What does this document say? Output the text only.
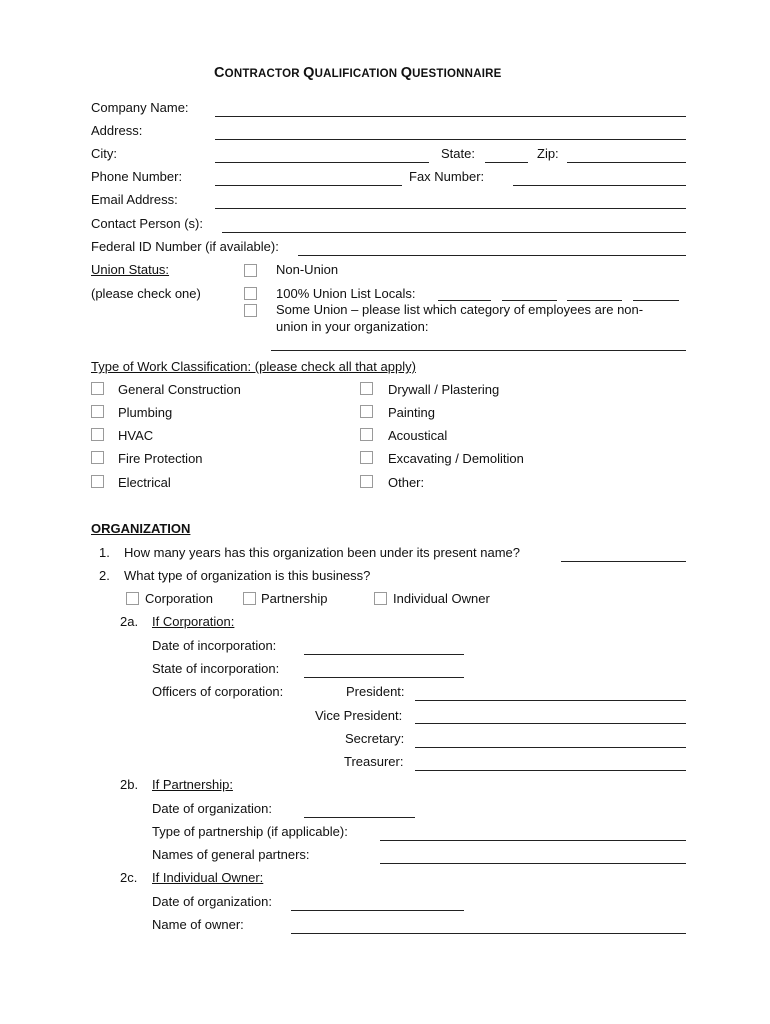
CONTRACTOR QUALIFICATION QUESTIONNAIRE
Company Name:
Address:
City:	State:	Zip:
Phone Number:	Fax Number:
Email Address:
Contact Person (s):
Federal ID Number (if available):
Union Status:	Non-Union
(please check one)	100% Union List Locals:
Some Union – please list which category of employees are non-
union in your organization:
Type of Work Classification: (please check all that apply)
General Construction	Drywall / Plastering
Plumbing	Painting
HVAC	Acoustical
Fire Protection	Excavating / Demolition
Electrical	Other:
ORGANIZATION
1. How many years has this organization been under its present name?
2. What type of organization is this business?
Corporation	Partnership	Individual Owner
2a. If Corporation:
Date of incorporation:
State of incorporation:
Officers of corporation:	President:
Vice President:
Secretary:
Treasurer:
2b. If Partnership:
Date of organization:
Type of partnership (if applicable):
Names of general partners:
2c. If Individual Owner:
Date of organization:
Name of owner:
